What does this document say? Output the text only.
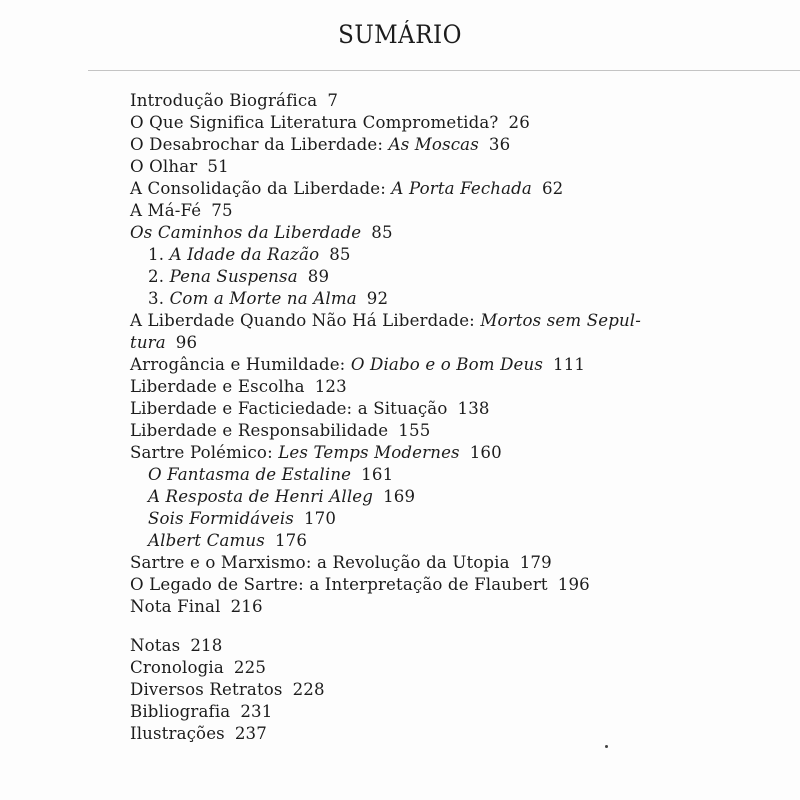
SUMÁRIO
Introdução Biográfica 7
O Que Significa Literatura Comprometida? 26
O Desabrochar da Liberdade: As Moscas 36
O Olhar 51
A Consolidação da Liberdade: A Porta Fechada 62
A Má-Fé 75
Os Caminhos da Liberdade 85
1. A Idade da Razão 85
2. Pena Suspensa 89
3. Com a Morte na Alma 92
A Liberdade Quando Não Há Liberdade: Mortos sem Sepul-
tura 96
Arrogância e Humildade: O Diabo e o Bom Deus 111
Liberdade e Escolha 123
Liberdade e Facticiedade: a Situação 138
Liberdade e Responsabilidade 155
Sartre Polémico: Les Temps Modernes 160
O Fantasma de Estaline 161
A Resposta de Henri Alleg 169
Sois Formidáveis 170
Albert Camus 176
Sartre e o Marxismo: a Revolução da Utopia 179
O Legado de Sartre: a Interpretação de Flaubert 196
Nota Final 216
Notas 218
Cronologia 225
Diversos Retratos 228
Bibliografia 231
Ilustrações 237
